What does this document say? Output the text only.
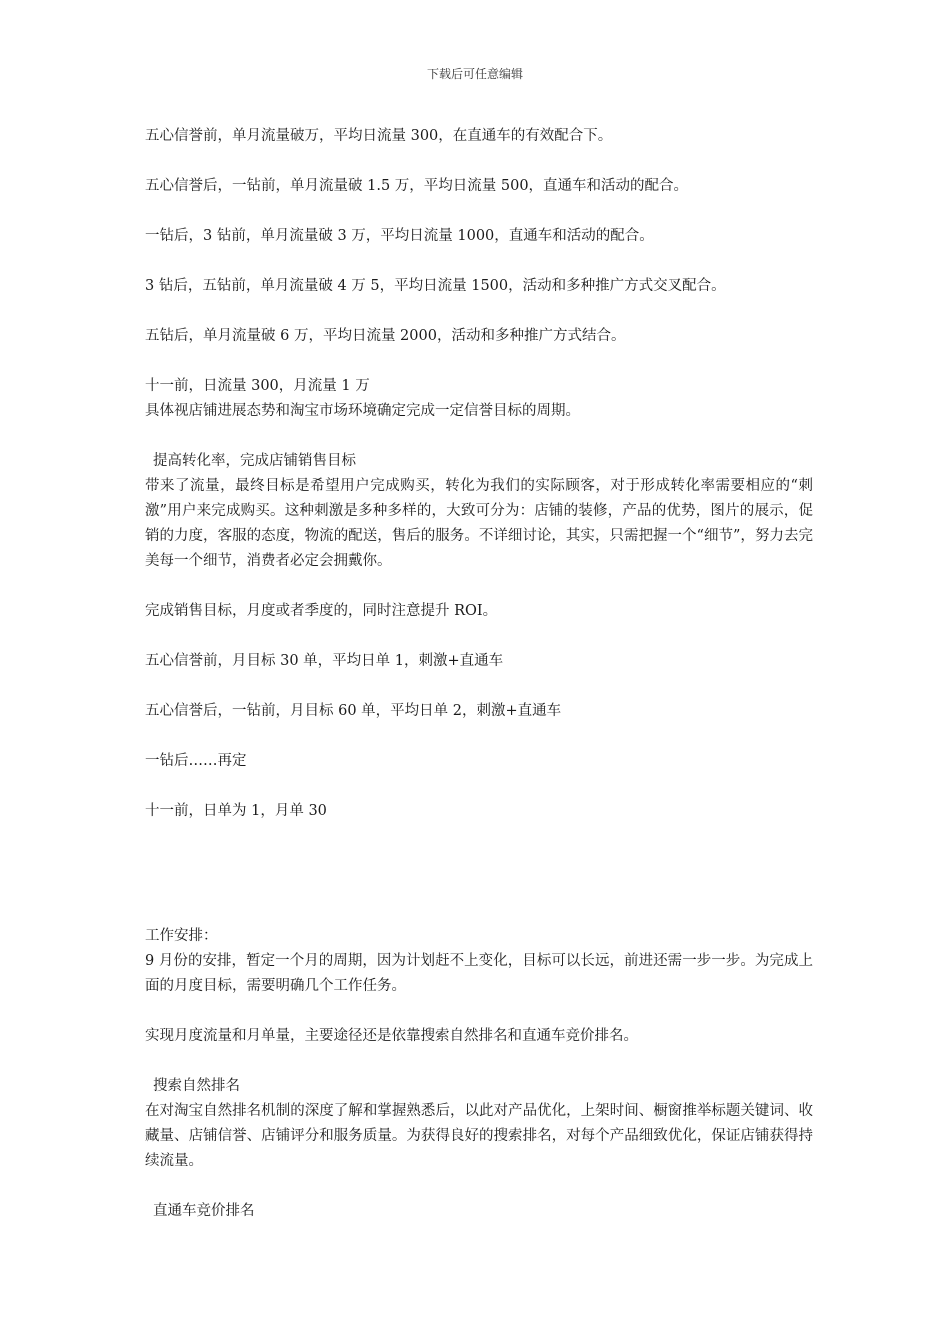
下载后可任意编辑

五心信誉前，单月流量破万，平均日流量 300，在直通车的有效配合下。

五心信誉后，一钻前，单月流量破 1.5 万，平均日流量 500，直通车和活动的配合。

一钻后，3 钻前，单月流量破 3 万，平均日流量 1000，直通车和活动的配合。

3 钻后，五钻前，单月流量破 4 万 5，平均日流量 1500，活动和多种推广方式交叉配合。

五钻后，单月流量破 6 万，平均日流量 2000，活动和多种推广方式结合。

十一前，日流量 300，月流量 1 万

具体视店铺进展态势和淘宝市场环境确定完成一定信誉目标的周期。

提高转化率，完成店铺销售目标

带来了流量，最终目标是希望用户完成购买，转化为我们的实际顾客，对于形成转化率需要相应的“刺激”用户来完成购买。这种刺激是多种多样的，大致可分为：店铺的装修，产品的优势，图片的展示，促销的力度，客服的态度，物流的配送，售后的服务。不详细讨论，其实，只需把握一个“细节”，努力去完美每一个细节，消费者必定会拥戴你。

完成销售目标，月度或者季度的，同时注意提升 ROI。

五心信誉前，月目标 30 单，平均日单 1，刺激+直通车

五心信誉后，一钻前，月目标 60 单，平均日单 2，刺激+直通车

一钻后……再定

十一前，日单为 1，月单 30

工作安排：

9 月份的安排，暂定一个月的周期，因为计划赶不上变化，目标可以长远，前进还需一步一步。为完成上面的月度目标，需要明确几个工作任务。

实现月度流量和月单量，主要途径还是依靠搜索自然排名和直通车竞价排名。

搜索自然排名

在对淘宝自然排名机制的深度了解和掌握熟悉后，以此对产品优化，上架时间、橱窗推举标题关键词、收藏量、店铺信誉、店铺评分和服务质量。为获得良好的搜索排名，对每个产品细致优化，保证店铺获得持续流量。

直通车竞价排名
